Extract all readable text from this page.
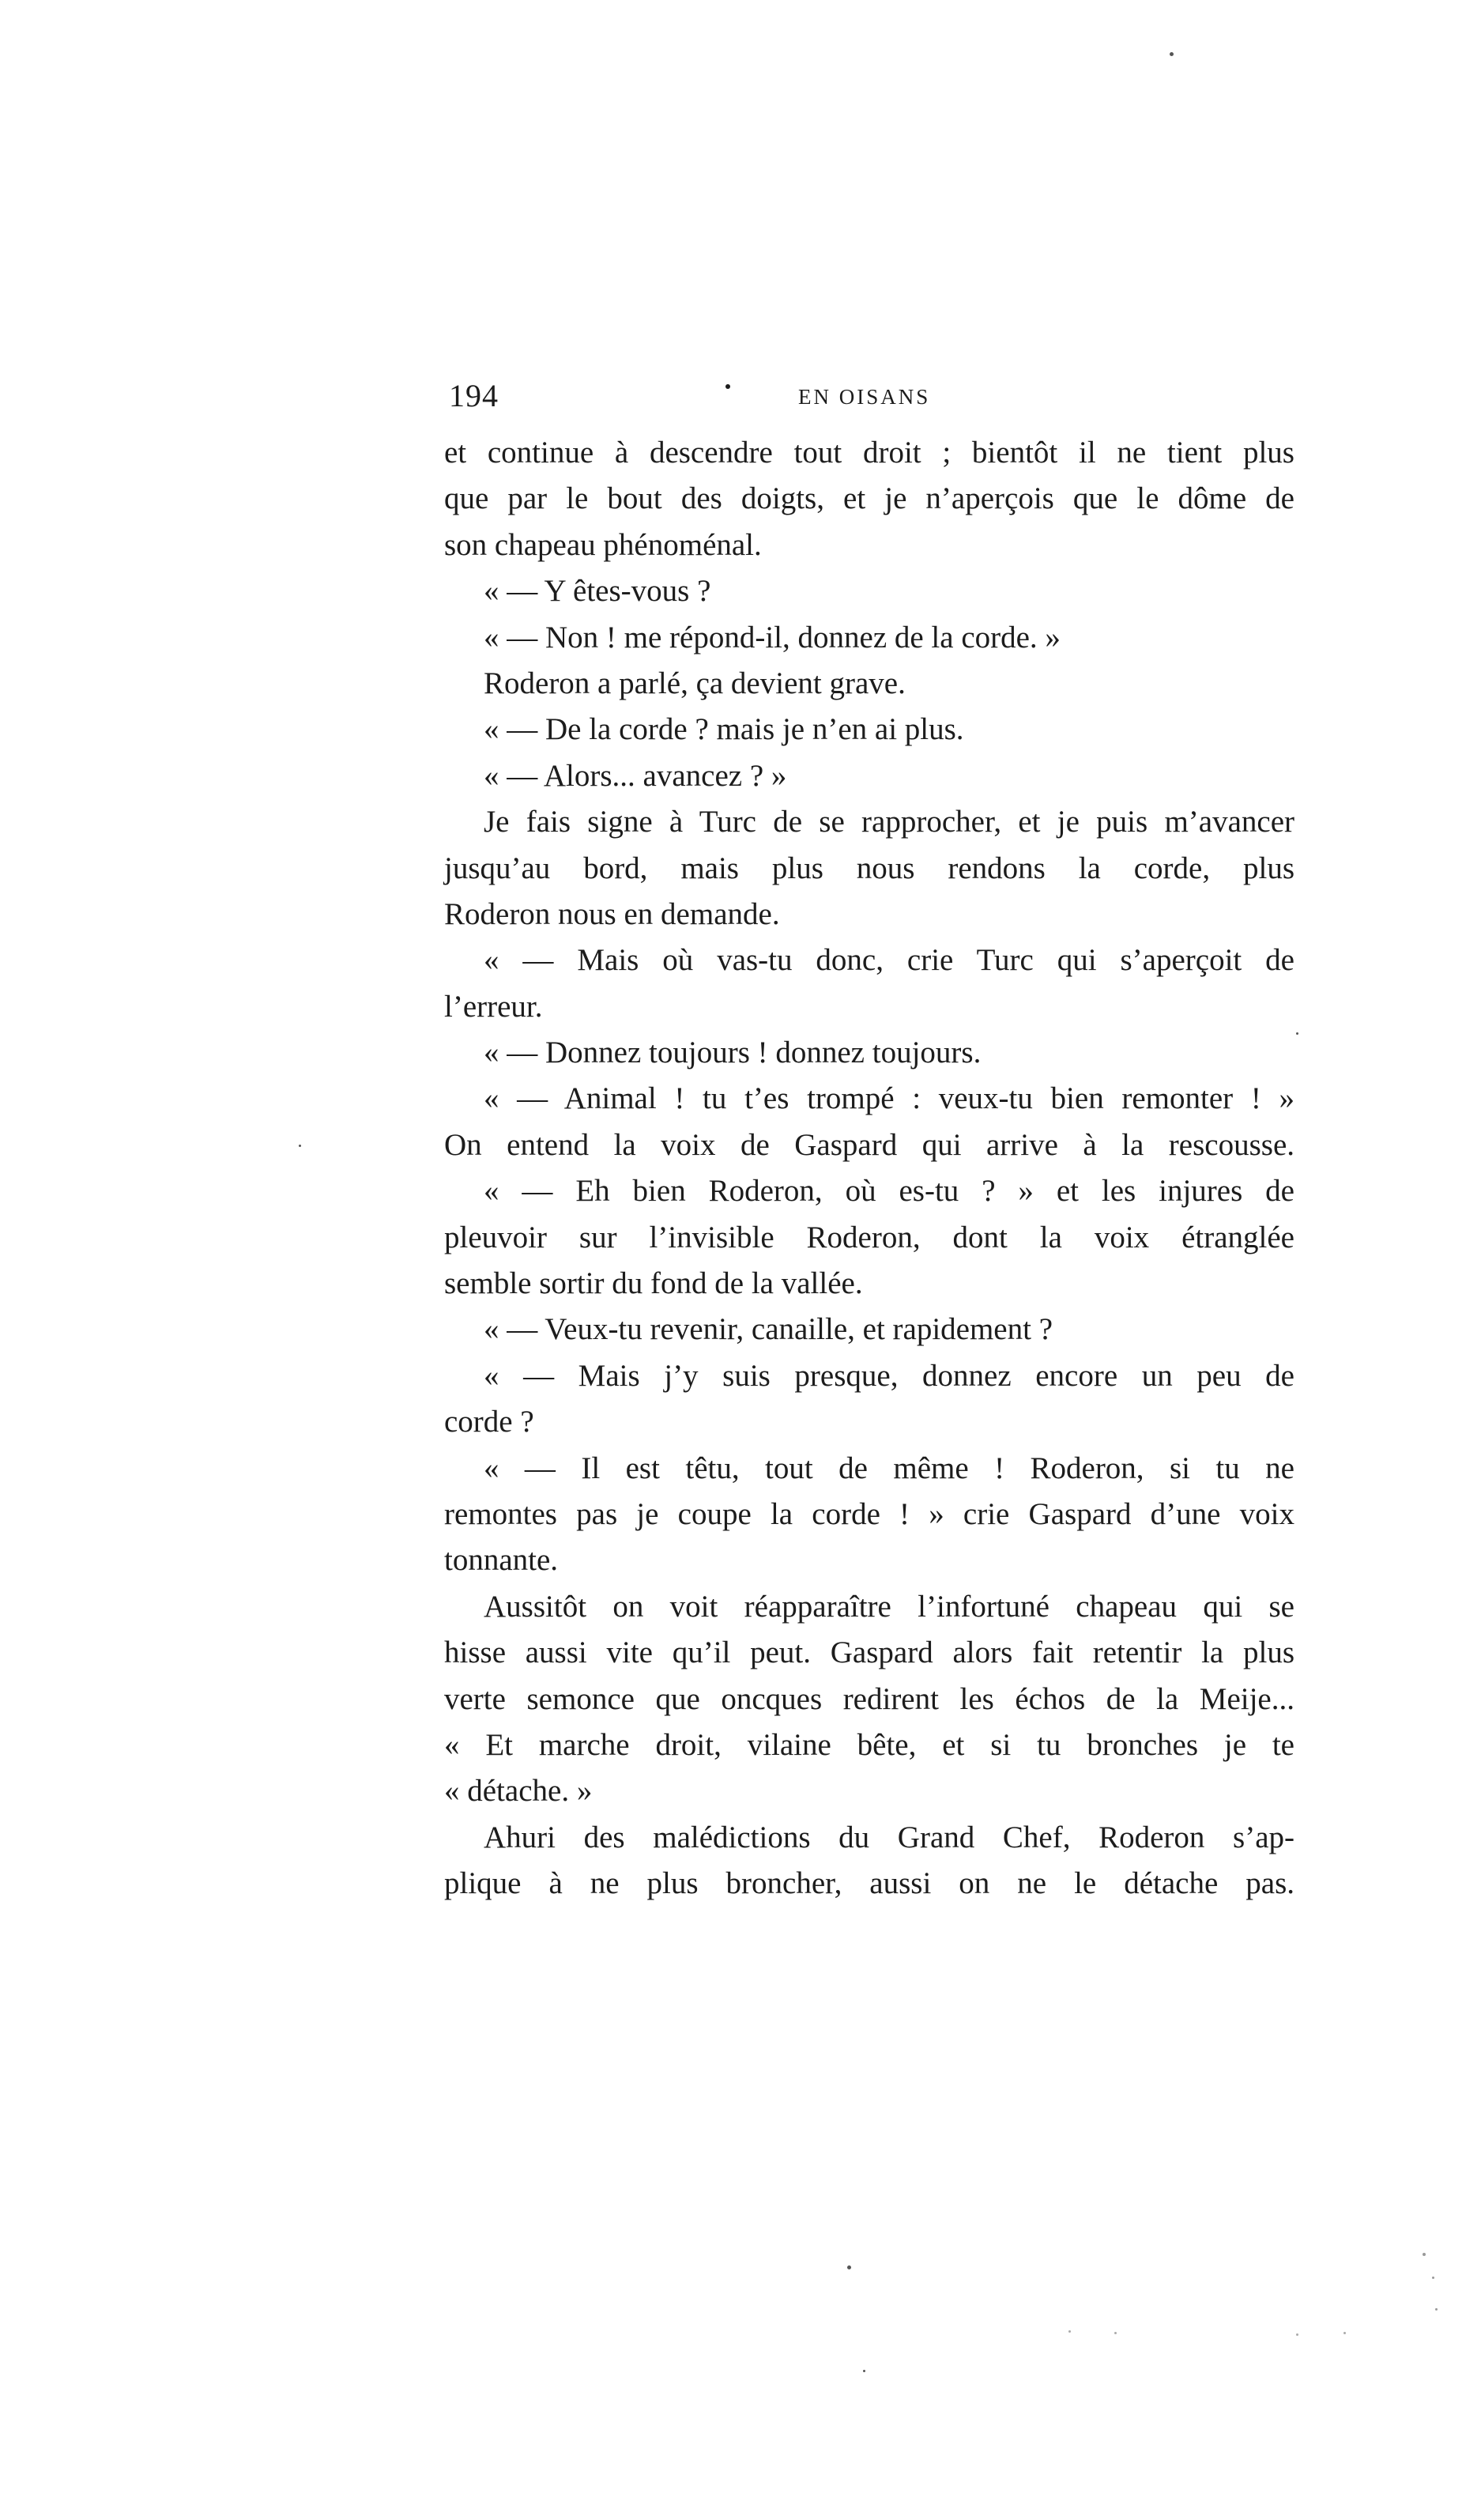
194	EN OISANS
et continue à descendre tout droit ; bientôt il ne tient plus
que par le bout des doigts, et je n’aperçois que le dôme de
son chapeau phénoménal.
« — Y êtes-vous ?
« — Non ! me répond-il, donnez de la corde. »
Roderon a parlé, ça devient grave.
« — De la corde ? mais je n’en ai plus.
« — Alors... avancez ? »
Je fais signe à Turc de se rapprocher, et je puis m’avancer
jusqu’au bord, mais plus nous rendons la corde, plus
Roderon nous en demande.
« — Mais où vas-tu donc, crie Turc qui s’aperçoit de
l’erreur.
« — Donnez toujours ! donnez toujours.
« — Animal ! tu t’es trompé : veux-tu bien remonter ! »
On entend la voix de Gaspard qui arrive à la rescousse.
« — Eh bien Roderon, où es-tu ? » et les injures de
pleuvoir sur l’invisible Roderon, dont la voix étranglée
semble sortir du fond de la vallée.
« — Veux-tu revenir, canaille, et rapidement ?
« — Mais j’y suis presque, donnez encore un peu de
corde ?
« — Il est têtu, tout de même ! Roderon, si tu ne
remontes pas je coupe la corde ! » crie Gaspard d’une voix
tonnante.
Aussitôt on voit réapparaître l’infortuné chapeau qui se
hisse aussi vite qu’il peut. Gaspard alors fait retentir la plus
verte semonce que oncques redirent les échos de la Meije...
« Et marche droit, vilaine bête, et si tu bronches je te
« détache. »
Ahuri des malédictions du Grand Chef, Roderon s’ap-
plique à ne plus broncher, aussi on ne le détache pas.
